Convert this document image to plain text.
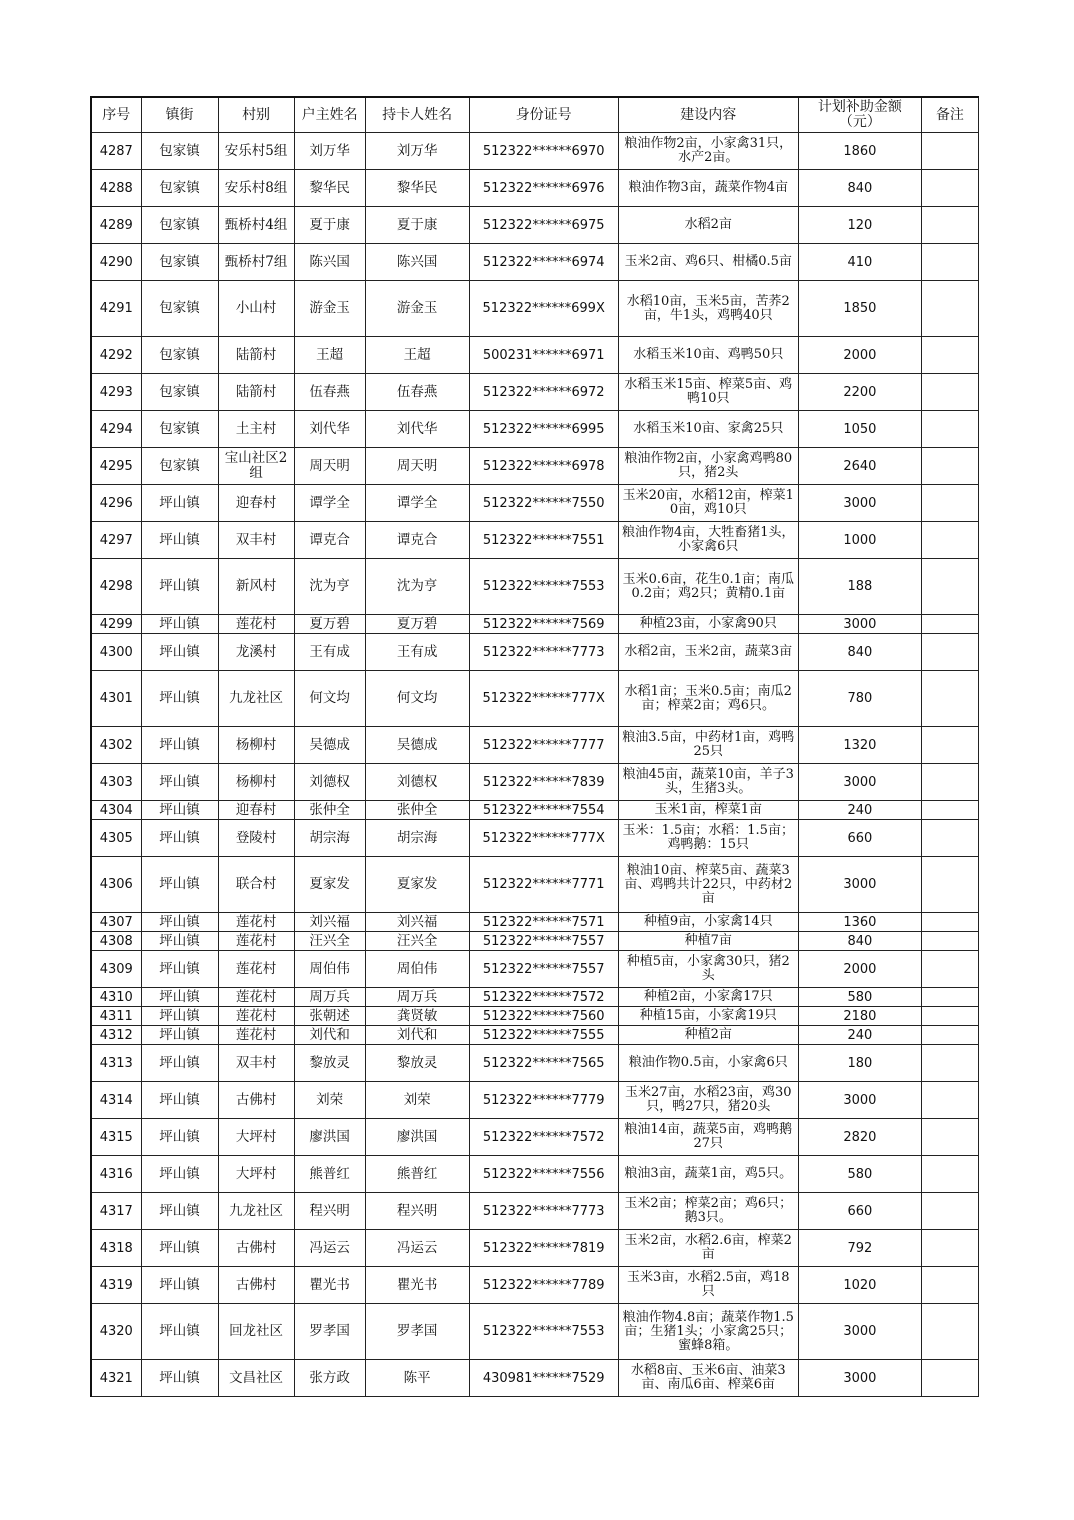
序号	镇街	村别	户主姓名	持卡人姓名	身份证号	建设内容	计划补助金额（元）	备注
4287	包家镇	安乐村5组	刘万华	刘万华	512322******6970	粮油作物2亩，小家禽31只，水产2亩。	1860	
4288	包家镇	安乐村8组	黎华民	黎华民	512322******6976	粮油作物3亩，蔬菜作物4亩	840	
4289	包家镇	甄桥村4组	夏于康	夏于康	512322******6975	水稻2亩	120	
4290	包家镇	甄桥村7组	陈兴国	陈兴国	512322******6974	玉米2亩、鸡6只、柑橘0.5亩	410	
4291	包家镇	小山村	游金玉	游金玉	512322******699X	水稻10亩，玉米5亩，苦荞2亩，牛1头，鸡鸭40只	1850	
4292	包家镇	陆箭村	王超	王超	500231******6971	水稻玉米10亩、鸡鸭50只	2000	
4293	包家镇	陆箭村	伍春燕	伍春燕	512322******6972	水稻玉米15亩、榨菜5亩、鸡鸭10只	2200	
4294	包家镇	土主村	刘代华	刘代华	512322******6995	水稻玉米10亩、家禽25只	1050	
4295	包家镇	宝山社区2组	周天明	周天明	512322******6978	粮油作物2亩，小家禽鸡鸭80只，猪2头	2640	
4296	坪山镇	迎春村	谭学全	谭学全	512322******7550	玉米20亩，水稻12亩，榨菜10亩，鸡10只	3000	
4297	坪山镇	双丰村	谭克合	谭克合	512322******7551	粮油作物4亩，大牲畜猪1头，小家禽6只	1000	
4298	坪山镇	新风村	沈为亨	沈为亨	512322******7553	玉米0.6亩，花生0.1亩；南瓜0.2亩；鸡2只；黄精0.1亩	188	
4299	坪山镇	莲花村	夏万碧	夏万碧	512322******7569	种植23亩，小家禽90只	3000	
4300	坪山镇	龙溪村	王有成	王有成	512322******7773	水稻2亩，玉米2亩，蔬菜3亩	840	
4301	坪山镇	九龙社区	何文均	何文均	512322******777X	水稻1亩；玉米0.5亩；南瓜2亩；榨菜2亩；鸡6只。	780	
4302	坪山镇	杨柳村	吴德成	吴德成	512322******7777	粮油3.5亩，中药材1亩，鸡鸭25只	1320	
4303	坪山镇	杨柳村	刘德权	刘德权	512322******7839	粮油45亩，蔬菜10亩，羊子3头，生猪3头。	3000	
4304	坪山镇	迎春村	张仲全	张仲全	512322******7554	玉米1亩，榨菜1亩	240	
4305	坪山镇	登陵村	胡宗海	胡宗海	512322******777X	玉米：1.5亩；水稻：1.5亩；鸡鸭鹅：15只	660	
4306	坪山镇	联合村	夏家发	夏家发	512322******7771	粮油10亩、榨菜5亩、蔬菜3亩、鸡鸭共计22只，中药材2亩	3000	
4307	坪山镇	莲花村	刘兴福	刘兴福	512322******7571	种植9亩，小家禽14只	1360	
4308	坪山镇	莲花村	汪兴全	汪兴全	512322******7557	种植7亩	840	
4309	坪山镇	莲花村	周伯伟	周伯伟	512322******7557	种植5亩，小家禽30只，猪2头	2000	
4310	坪山镇	莲花村	周万兵	周万兵	512322******7572	种植2亩，小家禽17只	580	
4311	坪山镇	莲花村	张朝述	龚贤敏	512322******7560	种植15亩，小家禽19只	2180	
4312	坪山镇	莲花村	刘代和	刘代和	512322******7555	种植2亩	240	
4313	坪山镇	双丰村	黎放灵	黎放灵	512322******7565	粮油作物0.5亩，小家禽6只	180	
4314	坪山镇	古佛村	刘荣	刘荣	512322******7779	玉米27亩，水稻23亩，鸡30只，鸭27只，猪20头	3000	
4315	坪山镇	大坪村	廖洪国	廖洪国	512322******7572	粮油14亩，蔬菜5亩，鸡鸭鹅27只	2820	
4316	坪山镇	大坪村	熊普红	熊普红	512322******7556	粮油3亩，蔬菜1亩，鸡5只。	580	
4317	坪山镇	九龙社区	程兴明	程兴明	512322******7773	玉米2亩；榨菜2亩；鸡6只；鹅3只。	660	
4318	坪山镇	古佛村	冯运云	冯运云	512322******7819	玉米2亩，水稻2.6亩，榨菜2亩	792	
4319	坪山镇	古佛村	瞿光书	瞿光书	512322******7789	玉米3亩，水稻2.5亩，鸡18只	1020	
4320	坪山镇	回龙社区	罗孝国	罗孝国	512322******7553	粮油作物4.8亩；蔬菜作物1.5亩；生猪1头；小家禽25只；蜜蜂8箱。	3000	
4321	坪山镇	文昌社区	张方政	陈平	430981******7529	水稻8亩、玉米6亩、油菜3亩、南瓜6亩、榨菜6亩	3000	
